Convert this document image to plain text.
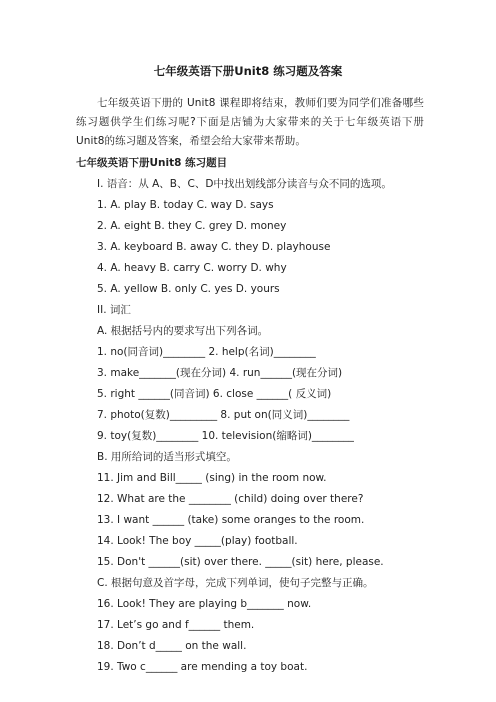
七年级英语下册Unit8 练习题及答案
七年级英语下册的 Unit8 课程即将结束，教师们要为同学们准备哪些练习题供学生们练习呢?下面是店铺为大家带来的关于七年级英语下册Unit8的练习题及答案，希望会给大家带来帮助。
七年级英语下册Unit8 练习题目
I. 语音：从 A、B、C、D中找出划线部分读音与众不同的选项。
1. A. play B. today C. way D. says
2. A. eight B. they C. grey D. money
3. A. keyboard B. away C. they D. playhouse
4. A. heavy B. carry C. worry D. why
5. A. yellow B. only C. yes D. yours
II. 词汇
A. 根据括号内的要求写出下列各词。
1. no(同音词)________ 2. help(名词)________
3. make_______(现在分词) 4. run______(现在分词)
5. right ______(同音词) 6. close ______( 反义词)
7. photo(复数)_________ 8. put on(同义词)________
9. toy(复数)________ 10. television(缩略词)________
B. 用所给词的适当形式填空。
11. Jim and Bill_____ (sing) in the room now.
12. What are the ________ (child) doing over there?
13. I want ______ (take) some oranges to the room.
14. Look! The boy _____(play) football.
15. Don't ______(sit) over there. _____(sit) here, please.
C. 根据句意及首字母，完成下列单词，使句子完整与正确。
16. Look! They are playing b_______ now.
17. Let’s go and f______ them.
18. Don’t d_____ on the wall.
19. Two c______ are mending a toy boat.
